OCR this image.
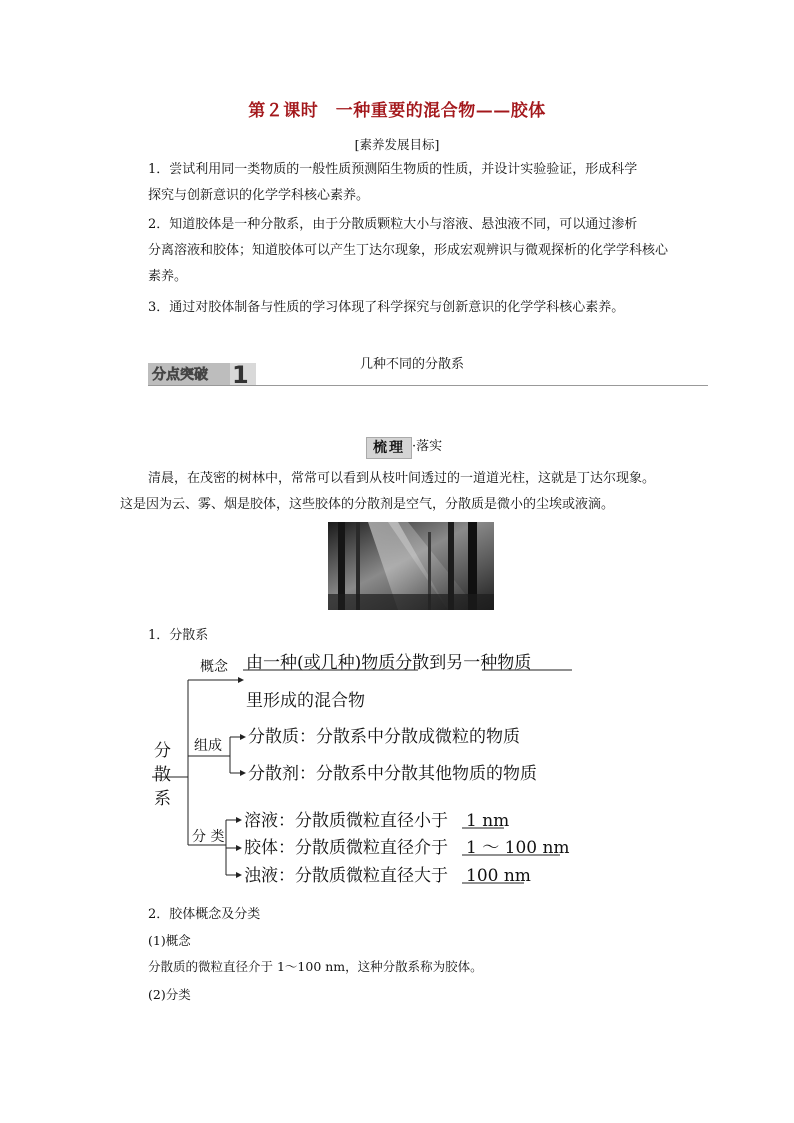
第２课时　一种重要的混合物——胶体
[素养发展目标]
1．尝试利用同一类物质的一般性质预测陌生物质的性质，并设计实验验证，形成科学
探究与创新意识的化学学科核心素养。
2．知道胶体是一种分散系，由于分散质颗粒大小与溶液、悬浊液不同，可以通过渗析
分离溶液和胶体；知道胶体可以产生丁达尔现象，形成宏观辨识与微观探析的化学学科核心
素养。
3．通过对胶体制备与性质的学习体现了科学探究与创新意识的化学学科核心素养。
分点突破 1	几种不同的分散系
梳理 ·落实
清晨，在茂密的树林中，常常可以看到从枝叶间透过的一道道光柱，这就是丁达尔现象。
这是因为云、雾、烟是胶体，这些胶体的分散剂是空气，分散质是微小的尘埃或液滴。
1．分散系
分
散
系
概念 由一种(或几种)物质分散到另一种物质
里形成的混合物
组成 分散质：分散系中分散成微粒的物质
分散剂：分散系中分散其他物质的物质
分 类
溶液：分散质微粒直径小于 1 nm
胶体：分散质微粒直径介于 1 ～ 100 nm
浊液：分散质微粒直径大于 100 nm
2．胶体概念及分类
(1)概念
分散质的微粒直径介于 1～100 nm，这种分散系称为胶体。
(2)分类
